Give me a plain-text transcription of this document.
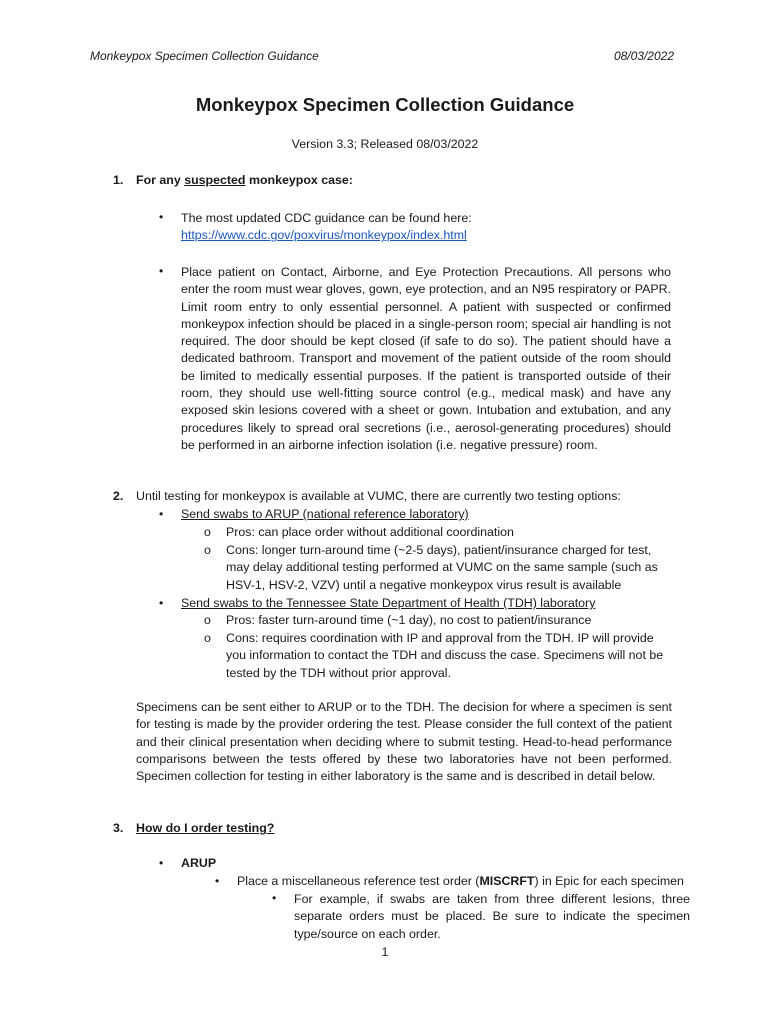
Monkeypox Specimen Collection Guidance	08/03/2022
Monkeypox Specimen Collection Guidance
Version 3.3; Released 08/03/2022
1. For any suspected monkeypox case:
• The most updated CDC guidance can be found here: https://www.cdc.gov/poxvirus/monkeypox/index.html
• Place patient on Contact, Airborne, and Eye Protection Precautions. All persons who enter the room must wear gloves, gown, eye protection, and an N95 respiratory or PAPR. Limit room entry to only essential personnel. A patient with suspected or confirmed monkeypox infection should be placed in a single-person room; special air handling is not required. The door should be kept closed (if safe to do so). The patient should have a dedicated bathroom. Transport and movement of the patient outside of the room should be limited to medically essential purposes. If the patient is transported outside of their room, they should use well-fitting source control (e.g., medical mask) and have any exposed skin lesions covered with a sheet or gown. Intubation and extubation, and any procedures likely to spread oral secretions (i.e., aerosol-generating procedures) should be performed in an airborne infection isolation (i.e. negative pressure) room.
2. Until testing for monkeypox is available at VUMC, there are currently two testing options:
• Send swabs to ARUP (national reference laboratory)
o Pros: can place order without additional coordination
o Cons: longer turn-around time (~2-5 days), patient/insurance charged for test, may delay additional testing performed at VUMC on the same sample (such as HSV-1, HSV-2, VZV) until a negative monkeypox virus result is available
• Send swabs to the Tennessee State Department of Health (TDH) laboratory
o Pros: faster turn-around time (~1 day), no cost to patient/insurance
o Cons: requires coordination with IP and approval from the TDH. IP will provide you information to contact the TDH and discuss the case. Specimens will not be tested by the TDH without prior approval.
Specimens can be sent either to ARUP or to the TDH. The decision for where a specimen is sent for testing is made by the provider ordering the test. Please consider the full context of the patient and their clinical presentation when deciding where to submit testing. Head-to-head performance comparisons between the tests offered by these two laboratories have not been performed. Specimen collection for testing in either laboratory is the same and is described in detail below.
3. How do I order testing?
• ARUP
• Place a miscellaneous reference test order (MISCRFT) in Epic for each specimen
• For example, if swabs are taken from three different lesions, three separate orders must be placed. Be sure to indicate the specimen type/source on each order.
1
